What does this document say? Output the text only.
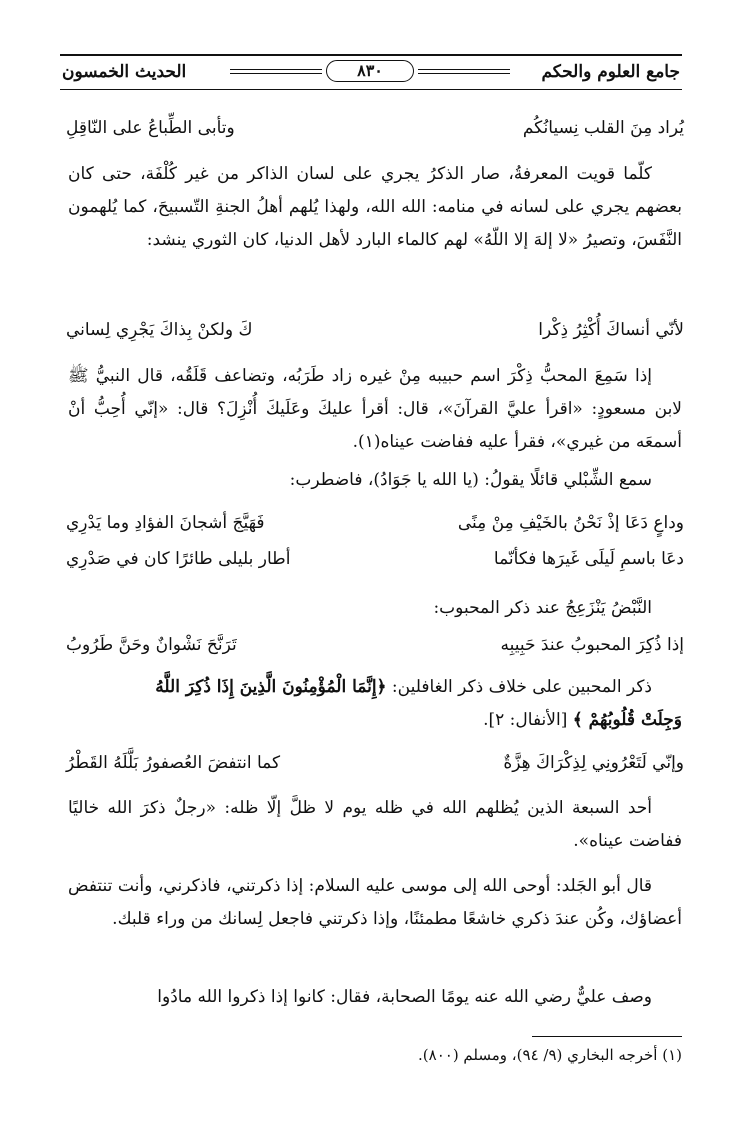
جامع العلوم والحكم
٨٣٠
الحديث الخمسون
يُراد مِنَ القلب نِسيانُكُم
وتأبى الطِّباعُ على النّاقِلِ
كلّما قويت المعرفةُ، صار الذكرُ يجري على لسان الذاكر من غير كُلْفَة، حتى كان بعضهم يجري على لسانه في منامه: الله الله، ولهذا يُلهم أهلُ الجنةِ التّسبيحَ، كما يُلهمون النَّفَسَ، وتصيرُ «لا إلهَ إلا اللّهُ» لهم كالماء البارد لأهل الدنيا، كان الثوري ينشد:
لأنّي أنساكَ أُكْثِرُ ذِكْرا
كَ ولكنْ بِذاكَ يَجْرِي لِساني
إذا سَمِعَ المحبُّ ذِكْرَ اسم حبيبه مِنْ غيره زاد طَرَبُه، وتضاعف قَلَقُه، قال النبيُّ ﷺ لابن مسعودٍ: «اقرأ عليَّ القرآنَ»، قال: أقرأ عليكَ وعَلَيكَ أُنْزِلَ؟ قال: «إنّي أُحِبُّ أنْ أسمعَه من غيري»، فقرأ عليه ففاضت عيناه(١).
سمع الشِّبْلي قائلًا يقولُ: (يا الله يا جَوَادُ)، فاضطرب:
وداعٍ دَعَا إذْ نَحْنُ بالخَيْفِ مِنْ مِنًى
فَهَيَّجَ أشجانَ الفؤادِ وما يَدْرِي
دعَا باسمِ لَيلَى غَيرَها فكأنّما
أطار بليلى طائرًا كان في صَدْرِي
النَّبْضُ يَنْزَعِجُ عند ذكر المحبوب:
إذا ذُكِرَ المحبوبُ عندَ حَبِيبِه
تَرَنَّحَ نَشْوانٌ وحَنَّ طَرُوبُ
ذكر المحبين على خلاف ذكر الغافلين: ﴿إِنَّمَا الْمُؤْمِنُونَ الَّذِينَ إِذَا ذُكِرَ اللَّهُ
وَجِلَتْ قُلُوبُهُمْ ﴾ [الأنفال: ٢].
وإنّي لَتَعْرُونِي لِذِكْرَاكَ هِزَّةٌ
كما انتفضَ العُصفورُ بَلَّلَهُ القَطْرُ
أحد السبعة الذين يُظلهم الله في ظله يوم لا ظلَّ إلّا ظله: «رجلٌ ذكرَ الله خاليًا ففاضت عيناه».
قال أبو الجَلد: أوحى الله إلى موسى عليه السلام: إذا ذكرتني، فاذكرني، وأنت تنتفض أعضاؤك، وكُن عندَ ذكري خاشعًا مطمئنًا، وإذا ذكرتني فاجعل لِسانك من وراء قلبك.
وصف عليٌّ رضي الله عنه يومًا الصحابة، فقال: كانوا إذا ذكروا الله مادُوا
(١) أخرجه البخاري (٩/ ٩٤)، ومسلم (٨٠٠).
